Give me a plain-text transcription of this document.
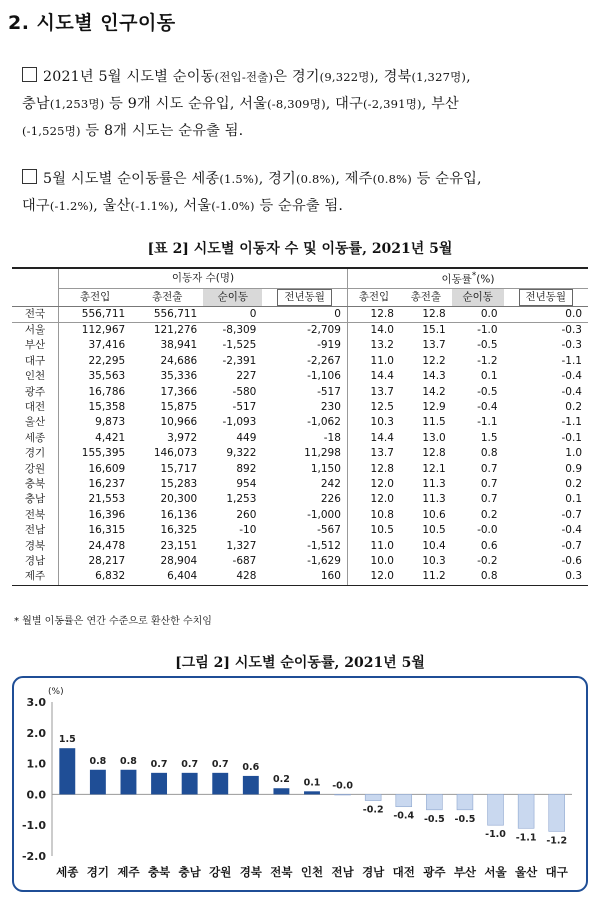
2. 시도별 인구이동
2021년 5월 시도별 순이동(전입-전출)은 경기(9,322명), 경북(1,327명),
충남(1,253명) 등 9개 시도 순유입, 서울(-8,309명), 대구(-2,391명), 부산
(-1,525명) 등 8개 시도는 순유출 됨.
5월 시도별 순이동률은 세종(1.5%), 경기(0.8%), 제주(0.8%) 등 순유입,
대구(-1.2%), 울산(-1.1%), 서울(-1.0%) 등 순유출 됨.
[표 2] 시도별 이동자 수 및 이동률, 2021년 5월
	이동자 수(명)				이동률*(%)			
	총전입	총전출	순이동	전년동월	총전입	총전출	순이동	전년동월
전국	556,711	556,711	0	0	12.8	12.8	0.0	0.0
서울	112,967	121,276	-8,309	-2,709	14.0	15.1	-1.0	-0.3
부산	37,416	38,941	-1,525	-919	13.2	13.7	-0.5	-0.3
대구	22,295	24,686	-2,391	-2,267	11.0	12.2	-1.2	-1.1
인천	35,563	35,336	227	-1,106	14.4	14.3	0.1	-0.4
광주	16,786	17,366	-580	-517	13.7	14.2	-0.5	-0.4
대전	15,358	15,875	-517	230	12.5	12.9	-0.4	0.2
울산	9,873	10,966	-1,093	-1,062	10.3	11.5	-1.1	-1.1
세종	4,421	3,972	449	-18	14.4	13.0	1.5	-0.1
경기	155,395	146,073	9,322	11,298	13.7	12.8	0.8	1.0
강원	16,609	15,717	892	1,150	12.8	12.1	0.7	0.9
충북	16,237	15,283	954	242	12.0	11.3	0.7	0.2
충남	21,553	20,300	1,253	226	12.0	11.3	0.7	0.1
전북	16,396	16,136	260	-1,000	10.8	10.6	0.2	-0.7
전남	16,315	16,325	-10	-567	10.5	10.5	-0.0	-0.4
경북	24,478	23,151	1,327	-1,512	11.0	10.4	0.6	-0.7
경남	28,217	28,904	-687	-1,629	10.0	10.3	-0.2	-0.6
제주	6,832	6,404	428	160	12.0	11.2	0.8	0.3
* 월별 이동률은 연간 수준으로 환산한 수치임
[그림 2] 시도별 순이동률, 2021년 5월
3.0
2.0
1.0
0.0
-1.0
-2.0
(%)
1.5
세종
0.8
경기
0.8
제주
0.7
충북
0.7
충남
0.7
강원
0.6
경북
0.2
전북
0.1
인천
-0.0
전남
-0.2
경남
-0.4
대전
-0.5
광주
-0.5
부산
-1.0
서울
-1.1
울산
-1.2
대구
